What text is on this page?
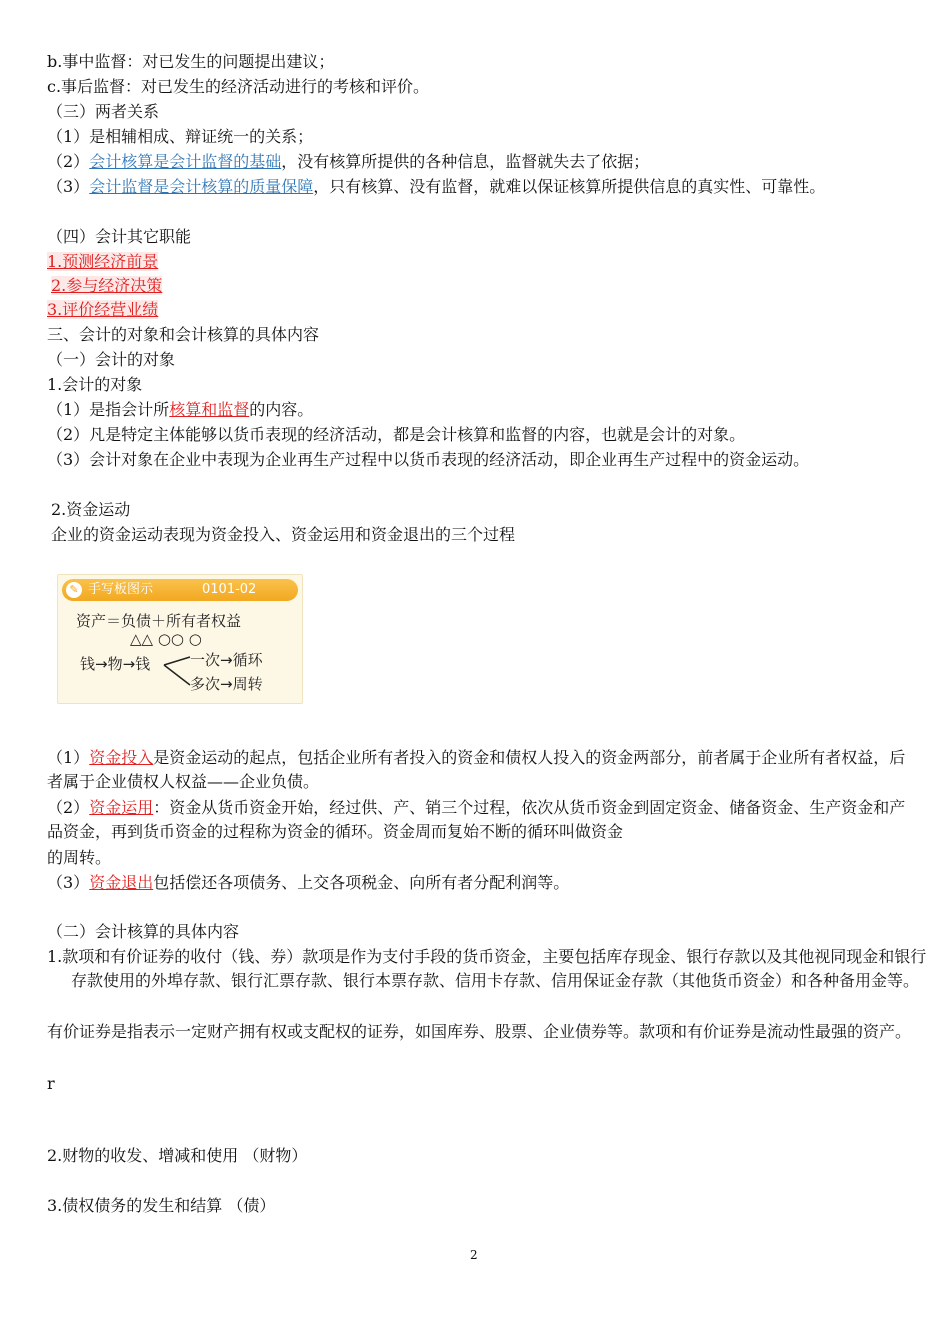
b.事中监督：对已发生的问题提出建议；
c.事后监督：对已发生的经济活动进行的考核和评价。
（三）两者关系
（1）是相辅相成、辩证统一的关系；
（2）会计核算是会计监督的基础，没有核算所提供的各种信息，监督就失去了依据；
（3）会计监督是会计核算的质量保障，只有核算、没有监督，就难以保证核算所提供信息的真实性、可靠性。
（四）会计其它职能
1.预测经济前景
2.参与经济决策
3.评价经营业绩
三、会计的对象和会计核算的具体内容
（一）会计的对象
1.会计的对象
（1）是指会计所核算和监督的内容。
（2）凡是特定主体能够以货币表现的经济活动，都是会计核算和监督的内容，也就是会计的对象。
（3）会计对象在企业中表现为企业再生产过程中以货币表现的经济活动，即企业再生产过程中的资金运动。
2.资金运动
企业的资金运动表现为资金投入、资金运用和资金退出的三个过程
✎ 手写板图示	0101-02
资产＝负债＋所有者权益
△△ ○○ ○
钱→物→钱	一次→循环
多次→周转
（1）资金投入是资金运动的起点，包括企业所有者投入的资金和债权人投入的资金两部分，前者属于企业所有者权益，后者属于企业债权人权益——企业负债。
（2）资金运用：资金从货币资金开始，经过供、产、销三个过程，依次从货币资金到固定资金、储备资金、生产资金和产品资金，再到货币资金的过程称为资金的循环。资金周而复始不断的循环叫做资金
的周转。
（3）资金退出包括偿还各项债务、上交各项税金、向所有者分配利润等。
（二）会计核算的具体内容
1.款项和有价证券的收付（钱、券）款项是作为支付手段的货币资金，主要包括库存现金、银行存款以及其他视同现金和银行存款使用的外埠存款、银行汇票存款、银行本票存款、信用卡存款、信用保证金存款（其他货币资金）和各种备用金等。
有价证券是指表示一定财产拥有权或支配权的证券，如国库券、股票、企业债券等。款项和有价证券是流动性最强的资产。
r
2.财物的收发、增减和使用 （财物）
3.债权债务的发生和结算 （债）
2
